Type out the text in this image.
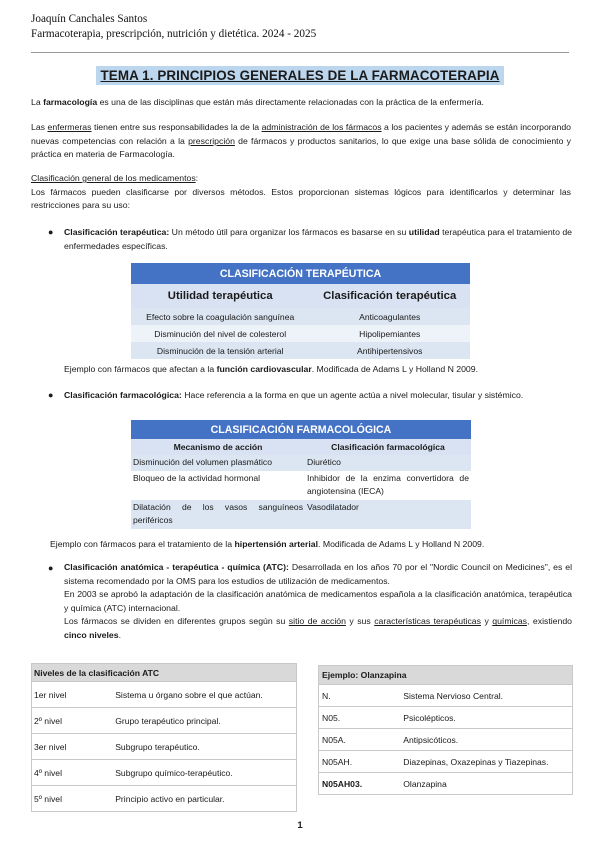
Joaquín Canchales Santos
Farmacoterapia, prescripción, nutrición y dietética. 2024 - 2025
TEMA 1. PRINCIPIOS GENERALES DE LA FARMACOTERAPIA
La farmacología es una de las disciplinas que están más directamente relacionadas con la práctica de la enfermería.
Las enfermeras tienen entre sus responsabilidades la de la administración de los fármacos a los pacientes y además se están incorporando nuevas competencias con relación a la prescripción de fármacos y productos sanitarios, lo que exige una base sólida de conocimiento y práctica en materia de Farmacología.
Clasificación general de los medicamentos:
Los fármacos pueden clasificarse por diversos métodos. Estos proporcionan sistemas lógicos para identificarlos y determinar las restricciones para su uso:
● Clasificación terapéutica: Un método útil para organizar los fármacos es basarse en su utilidad terapéutica para el tratamiento de enfermedades específicas.
CLASIFICACIÓN TERAPÉUTICA	
Utilidad terapéutica	Clasificación terapéutica
Efecto sobre la coagulación sanguínea	Anticoagulantes
Disminución del nivel de colesterol	Hipolipemiantes
Disminución de la tensión arterial	Antihipertensivos
Ejemplo con fármacos que afectan a la función cardiovascular. Modificada de Adams L y Holland N 2009.
● Clasificación farmacológica: Hace referencia a la forma en que un agente actúa a nivel molecular, tisular y sistémico.
CLASIFICACIÓN FARMACOLÓGICA	
Mecanismo de acción	Clasificación farmacológica
Disminución del volumen plasmático	Diurético
Bloqueo de la actividad hormonal	Inhibidor de la enzima convertidora de angiotensina (IECA)
Dilatación de los vasos sanguíneos periféricos	Vasodilatador
Ejemplo con fármacos para el tratamiento de la hipertensión arterial. Modificada de Adams L y Holland N 2009.
● Clasificación anatómica - terapéutica - química (ATC): Desarrollada en los años 70 por el "Nordic Council on Medicines", es el sistema recomendado por la OMS para los estudios de utilización de medicamentos.
En 2003 se aprobó la adaptación de la clasificación anatómica de medicamentos española a la clasificación anatómica, terapéutica y química (ATC) internacional.
Los fármacos se dividen en diferentes grupos según su sitio de acción y sus características terapéuticas y químicas, existiendo cinco niveles.
Niveles de la clasificación ATC	
1er nivel	Sistema u órgano sobre el que actúan.
2º nivel	Grupo terapéutico principal.
3er nivel	Subgrupo terapéutico.
4º nivel	Subgrupo químico-terapéutico.
5º nivel	Principio activo en particular.
Ejemplo: Olanzapina	
N.	Sistema Nervioso Central.
N05.	Psicolépticos.
N05A.	Antipsicóticos.
N05AH.	Diazepinas, Oxazepinas y Tiazepinas.
N05AH03.	Olanzapina
1
